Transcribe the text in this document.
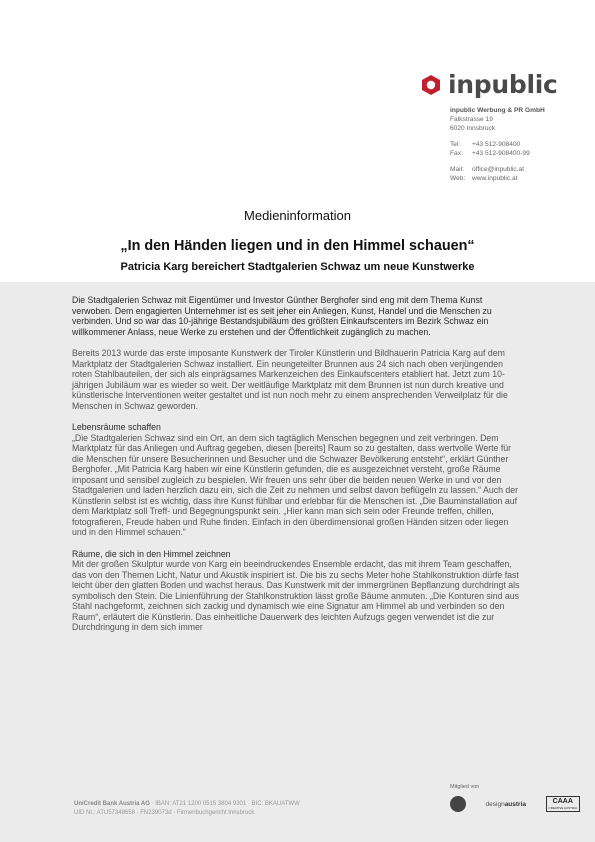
inpublic
inpublic Werbung & PR GmbH
Falkstrasse 19
6020 Innsbruck
Tel:	+43 512-908400
Fax:	+43 512-908400-99
Mail:	office@inpublic.at
Web:	www.inpublic.at
Medieninformation
„In den Händen liegen und in den Himmel schauen“
Patricia Karg bereichert Stadtgalerien Schwaz um neue Kunstwerke

Die Stadtgalerien Schwaz mit Eigentümer und Investor Günther Berghofer sind eng mit dem Thema Kunst verwoben. Dem engagierten Unternehmer ist es seit jeher ein Anliegen, Kunst, Handel und die Menschen zu verbinden. Und so war das 10-jährige Bestandsjubiläum des größten Einkaufscenters im Bezirk Schwaz ein willkommener Anlass, neue Werke zu erstehen und der Öffentlichkeit zugänglich zu machen.

Bereits 2013 wurde das erste imposante Kunstwerk der Tiroler Künstlerin und Bildhauerin Patricia Karg auf dem Marktplatz der Stadtgalerien Schwaz installiert. Ein neungeteilter Brunnen aus 24 sich nach oben verjüngenden roten Stahlbauteilen, der sich als einprägsames Markenzeichen des Einkaufscenters etabliert hat. Jetzt zum 10-jährigen Jubiläum war es wieder so weit. Der weitläufige Marktplatz mit dem Brunnen ist nun durch kreative und künstlerische Interventionen weiter gestaltet und ist nun noch mehr zu einem ansprechenden Verweilplatz für die Menschen in Schwaz geworden.

Lebensräume schaffen

„Die Stadtgalerien Schwaz sind ein Ort, an dem sich tagtäglich Menschen begegnen und zeit verbringen. Dem Marktplatz für das Anliegen und Auftrag gegeben, diesen [bereits] Raum so zu gestalten, dass wertvolle Werte für die Menschen für unsere Besucherinnen und Besucher und die Schwazer Bevölkerung entsteht“, erklärt Günther Berghofer. „Mit Patricia Karg haben wir eine Künstlerin gefunden, die es ausgezeichnet versteht, große Räume imposant und sensibel zugleich zu bespielen. Wir freuen uns sehr über die beiden neuen Werke in und vor den Stadtgalerien und laden herzlich dazu ein, sich die Zeit zu nehmen und selbst davon beflügeln zu lassen.“ Auch der Künstlerin selbst ist es wichtig, dass ihre Kunst fühlbar und erlebbar für die Menschen ist. „Die Bauminstallation auf dem Marktplatz soll Treff- und Begegnungspunkt sein. „Hier kann man sich sein oder Freunde treffen, chillen, fotografieren, Freude haben und Ruhe finden. Einfach in den überdimensional großen Händen sitzen oder liegen und in den Himmel schauen.“

Räume, die sich in den Himmel zeichnen

Mit der großen Skulptur wurde von Karg ein beeindruckendes Ensemble erdacht, das mit ihrem Team geschaffen, das von den Themen Licht, Natur und Akustik inspiriert ist. Die bis zu sechs Meter hohe Stahlkonstruktion dürfe fast leicht über den glatten Boden und wachst heraus. Das Kunstwerk mit der immergrünen Bepflanzung durchdringt als symbolisch den Stein. Die Linienführung der Stahlkonstruktion lässt große Bäume anmuten. „Die Konturen sind aus Stahl nachgeformt, zeichnen sich zackig und dynamisch wie eine Signatur am Himmel ab und verbinden so den Raum“, erläutert die Künstlerin. Das einheitliche Dauerwerk des leichten Aufzugs gegen verwendet ist die zur Durchdringung in dem sich immer

UniCredit Bank Austria AG · IBAN: AT21 1200 0515 3804 9301 · BIC: BKAUATWW
UID Nr.: ATU57348658 · FN239073d · Firmenbuchgericht Innsbruck
Mitglied von
designaustria	CAAA
CREATIVE AUSTRIA
